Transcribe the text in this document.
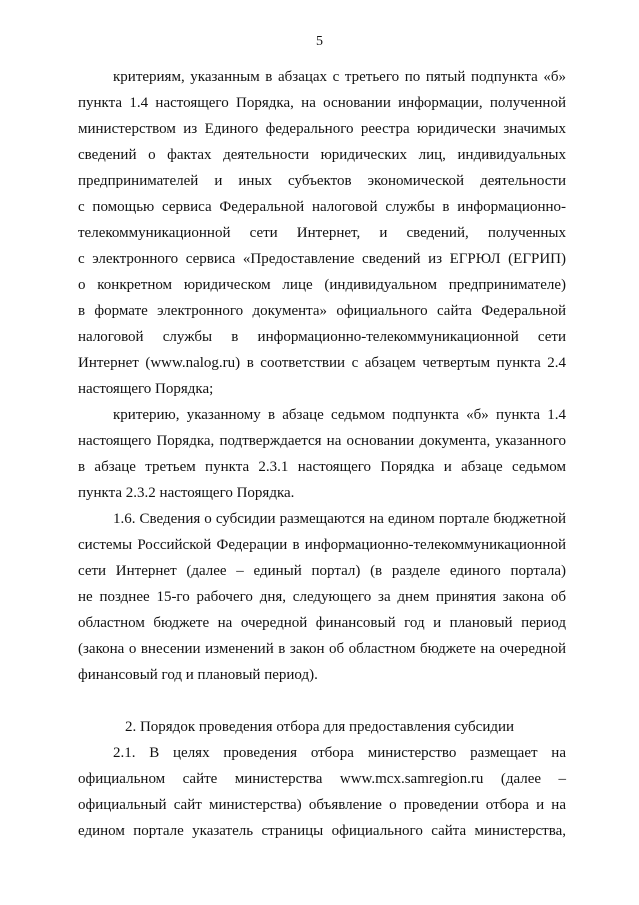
5
критериям, указанным в абзацах с третьего по пятый подпункта «б»
пункта 1.4 настоящего Порядка, на основании информации, полученной
министерством из Единого федерального реестра юридически значимых
сведений о фактах деятельности юридических лиц, индивидуальных
предпринимателей и иных субъектов экономической деятельности
с помощью сервиса Федеральной налоговой службы в информационно-
телекоммуникационной сети Интернет, и сведений, полученных
с электронного сервиса «Предоставление сведений из ЕГРЮЛ (ЕГРИП)
о конкретном юридическом лице (индивидуальном предпринимателе)
в формате электронного документа» официального сайта Федеральной
налоговой службы в информационно-телекоммуникационной сети
Интернет (www.nalog.ru) в соответствии с абзацем четвертым пункта 2.4
настоящего Порядка;
критерию, указанному в абзаце седьмом подпункта «б» пункта 1.4
настоящего Порядка, подтверждается на основании документа, указанного
в абзаце третьем пункта 2.3.1 настоящего Порядка и абзаце седьмом
пункта 2.3.2 настоящего Порядка.
1.6. Сведения о субсидии размещаются на едином портале бюджетной
системы Российской Федерации в информационно-телекоммуникационной
сети Интернет (далее – единый портал) (в разделе единого портала)
не позднее 15-го рабочего дня, следующего за днем принятия закона об
областном бюджете на очередной финансовый год и плановый период
(закона о внесении изменений в закон об областном бюджете на очередной
финансовый год и плановый период).
2. Порядок проведения отбора для предоставления субсидии
2.1. В целях проведения отбора министерство размещает на
официальном сайте министерства www.mcx.samregion.ru (далее –
официальный сайт министерства) объявление о проведении отбора и на
едином портале указатель страницы официального сайта министерства,
